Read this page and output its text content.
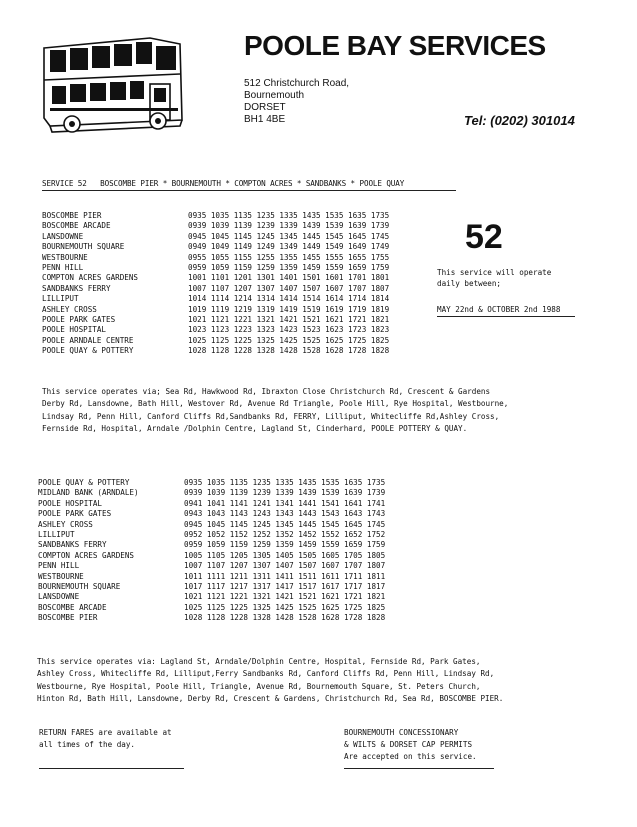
POOLE BAY SERVICES
512 Christchurch Road,
Bournemouth
DORSET
BH1 4BE	Tel: (0202) 301014
SERVICE 52   BOSCOMBE PIER * BOURNEMOUTH * COMPTON ACRES * SANDBANKS * POOLE QUAY
52
This service will operate
daily between;
MAY 22nd & OCTOBER 2nd 1988
BOSCOMBE PIER	0935 1035 1135 1235 1335 1435 1535 1635 1735
BOSCOMBE ARCADE	0939 1039 1139 1239 1339 1439 1539 1639 1739
LANSDOWNE	0945 1045 1145 1245 1345 1445 1545 1645 1745
BOURNEMOUTH SQUARE	0949 1049 1149 1249 1349 1449 1549 1649 1749
WESTBOURNE	0955 1055 1155 1255 1355 1455 1555 1655 1755
PENN HILL	0959 1059 1159 1259 1359 1459 1559 1659 1759
COMPTON ACRES GARDENS	1001 1101 1201 1301 1401 1501 1601 1701 1801
SANDBANKS FERRY	1007 1107 1207 1307 1407 1507 1607 1707 1807
LILLIPUT	1014 1114 1214 1314 1414 1514 1614 1714 1814
ASHLEY CROSS	1019 1119 1219 1319 1419 1519 1619 1719 1819
POOLE PARK GATES	1021 1121 1221 1321 1421 1521 1621 1721 1821
POOLE HOSPITAL	1023 1123 1223 1323 1423 1523 1623 1723 1823
POOLE ARNDALE CENTRE	1025 1125 1225 1325 1425 1525 1625 1725 1825
POOLE QUAY & POTTERY	1028 1128 1228 1328 1428 1528 1628 1728 1828
This service operates via; Sea Rd, Hawkwood Rd, Ibraxton Close Christchurch Rd, Crescent & Gardens
Derby Rd, Lansdowne, Bath Hill, Westover Rd, Avenue Rd Triangle, Poole Hill, Rye Hospital, Westbourne,
Lindsay Rd, Penn Hill, Canford Cliffs Rd,Sandbanks Rd, FERRY, Lilliput, Whitecliffe Rd,Ashley Cross,
Fernside Rd, Hospital, Arndale /Dolphin Centre, Lagland St, Cinderhard, POOLE POTTERY & QUAY.
POOLE QUAY & POTTERY	0935 1035 1135 1235 1335 1435 1535 1635 1735
MIDLAND BANK (ARNDALE)	0939 1039 1139 1239 1339 1439 1539 1639 1739
POOLE HOSPITAL	0941 1041 1141 1241 1341 1441 1541 1641 1741
POOLE PARK GATES	0943 1043 1143 1243 1343 1443 1543 1643 1743
ASHLEY CROSS	0945 1045 1145 1245 1345 1445 1545 1645 1745
LILLIPUT	0952 1052 1152 1252 1352 1452 1552 1652 1752
SANDBANKS FERRY	0959 1059 1159 1259 1359 1459 1559 1659 1759
COMPTON ACRES GARDENS	1005 1105 1205 1305 1405 1505 1605 1705 1805
PENN HILL	1007 1107 1207 1307 1407 1507 1607 1707 1807
WESTBOURNE	1011 1111 1211 1311 1411 1511 1611 1711 1811
BOURNEMOUTH SQUARE	1017 1117 1217 1317 1417 1517 1617 1717 1817
LANSDOWNE	1021 1121 1221 1321 1421 1521 1621 1721 1821
BOSCOMBE ARCADE	1025 1125 1225 1325 1425 1525 1625 1725 1825
BOSCOMBE PIER	1028 1128 1228 1328 1428 1528 1628 1728 1828
This service operates via: Lagland St, Arndale/Dolphin Centre, Hospital, Fernside Rd, Park Gates,
Ashley Cross, Whitecliffe Rd, Lilliput,Ferry Sandbanks Rd, Canford Cliffs Rd, Penn Hill, Lindsay Rd,
Westbourne, Rye Hospital, Poole Hill, Triangle, Avenue Rd, Bournemouth Square, St. Peters Church,
Hinton Rd, Bath Hill, Lansdowne, Derby Rd, Crescent & Gardens, Christchurch Rd, Sea Rd, BOSCOMBE PIER.
RETURN FARES are available at
all times of the day.
BOURNEMOUTH CONCESSIONARY
& WILTS & DORSET CAP PERMITS
Are accepted on this service.
